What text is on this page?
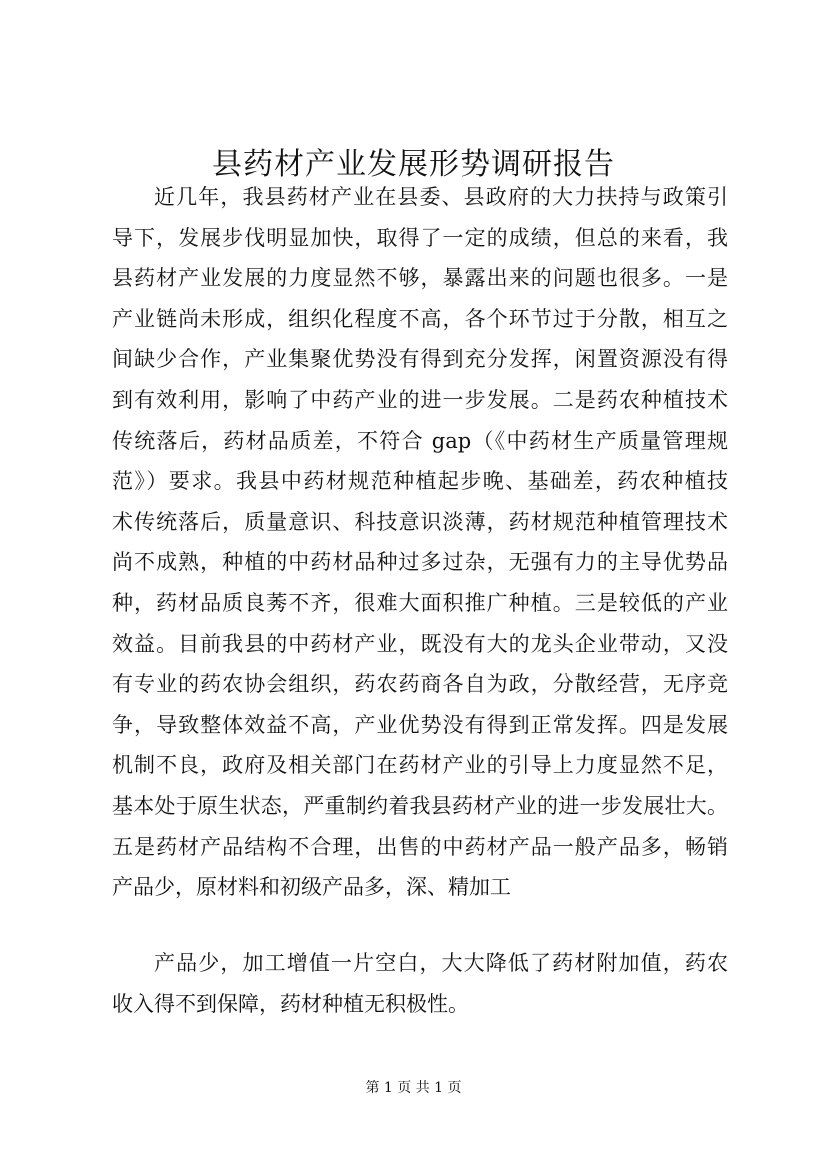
县药材产业发展形势调研报告
近几年，我县药材产业在县委、县政府的大力扶持与政策引
导下，发展步伐明显加快，取得了一定的成绩，但总的来看，我
县药材产业发展的力度显然不够，暴露出来的问题也很多。一是
产业链尚未形成，组织化程度不高，各个环节过于分散，相互之
间缺少合作，产业集聚优势没有得到充分发挥，闲置资源没有得
到有效利用，影响了中药产业的进一步发展。二是药农种植技术
传统落后，药材品质差，不符合 gap（《中药材生产质量管理规
范》）要求。我县中药材规范种植起步晚、基础差，药农种植技
术传统落后，质量意识、科技意识淡薄，药材规范种植管理技术
尚不成熟，种植的中药材品种过多过杂，无强有力的主导优势品
种，药材品质良莠不齐，很难大面积推广种植。三是较低的产业
效益。目前我县的中药材产业，既没有大的龙头企业带动，又没
有专业的药农协会组织，药农药商各自为政，分散经营，无序竞
争，导致整体效益不高，产业优势没有得到正常发挥。四是发展
机制不良，政府及相关部门在药材产业的引导上力度显然不足，
基本处于原生状态，严重制约着我县药材产业的进一步发展壮大。
五是药材产品结构不合理，出售的中药材产品一般产品多，畅销
产品少，原材料和初级产品多，深、精加工
产品少，加工增值一片空白，大大降低了药材附加值，药农
收入得不到保障，药材种植无积极性。
第 1 页 共 1 页
